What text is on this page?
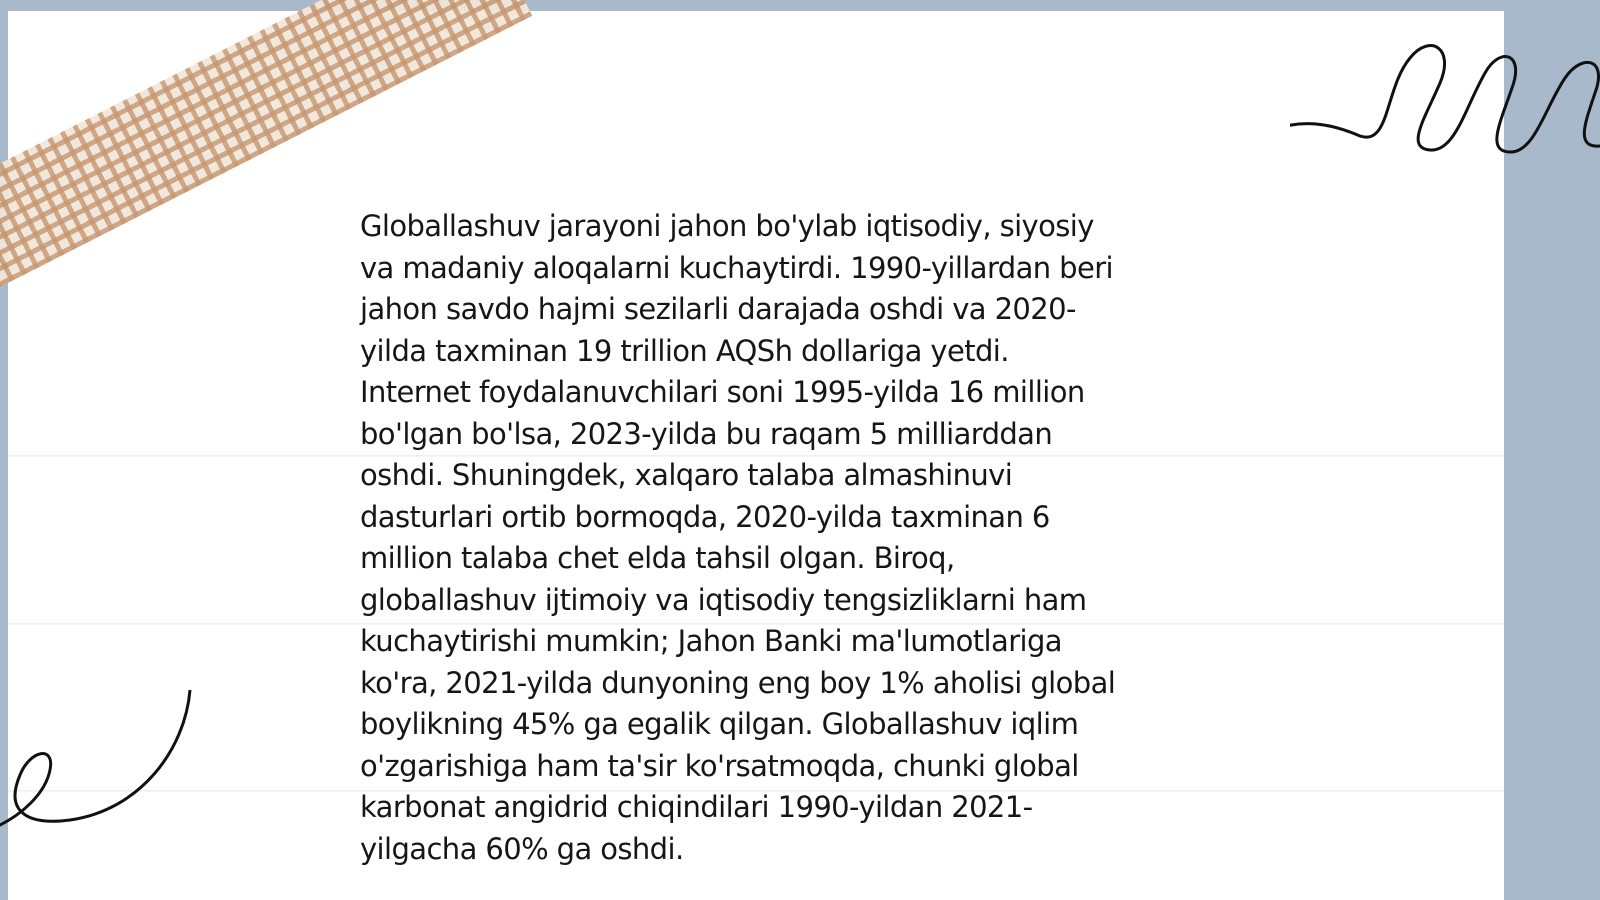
Globallashuv jarayoni jahon bo'ylab iqtisodiy, siyosiy
va madaniy aloqalarni kuchaytirdi. 1990-yillardan beri
jahon savdo hajmi sezilarli darajada oshdi va 2020-
yilda taxminan 19 trillion AQSh dollariga yetdi.
Internet foydalanuvchilari soni 1995-yilda 16 million
bo'lgan bo'lsa, 2023-yilda bu raqam 5 milliarddan
oshdi. Shuningdek, xalqaro talaba almashinuvi
dasturlari ortib bormoqda, 2020-yilda taxminan 6
million talaba chet elda tahsil olgan. Biroq,
globallashuv ijtimoiy va iqtisodiy tengsizliklarni ham
kuchaytirishi mumkin; Jahon Banki ma'lumotlariga
ko'ra, 2021-yilda dunyoning eng boy 1% aholisi global
boylikning 45% ga egalik qilgan. Globallashuv iqlim
o'zgarishiga ham ta'sir ko'rsatmoqda, chunki global
karbonat angidrid chiqindilari 1990-yildan 2021-
yilgacha 60% ga oshdi.
